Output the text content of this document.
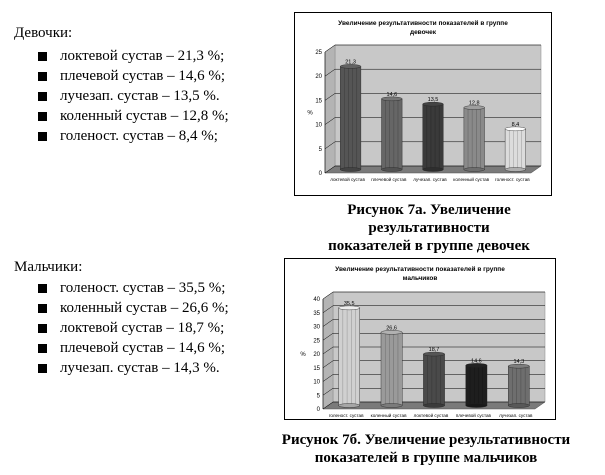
Девочки:
локтевой сустав – 21,3 %;
плечевой сустав – 14,6 %;
лучезап. сустав – 13,5 %.
коленный сустав – 12,8 %;
голеност. сустав – 8,4 %;
Увеличение результативности показателей в группе
девочек
0
5
10
15
20
25
%
21,3
локтевой сустав
14,6
плечевой сустав
13,5
лучезап. сустав
12,8
коленный сустав
8,4
голеност. сустав
Рисунок 7а. Увеличение
результативности
показателей в группе девочек
Мальчики:
голеност. сустав – 35,5 %;
коленный сустав – 26,6 %;
локтевой сустав – 18,7 %;
плечевой сустав – 14,6 %;
лучезап. сустав – 14,3 %.
Увеличение результативности показателей в группе
мальчиков
0
5
10
15
20
25
30
35
40
%
35,5
голеност. сустав
26,6
коленный сустав
18,7
локтевой сустав
14,6
плечевой сустав
14,3
лучезап. сустав
Рисунок 7б. Увеличение результативности
показателей в группе мальчиков
